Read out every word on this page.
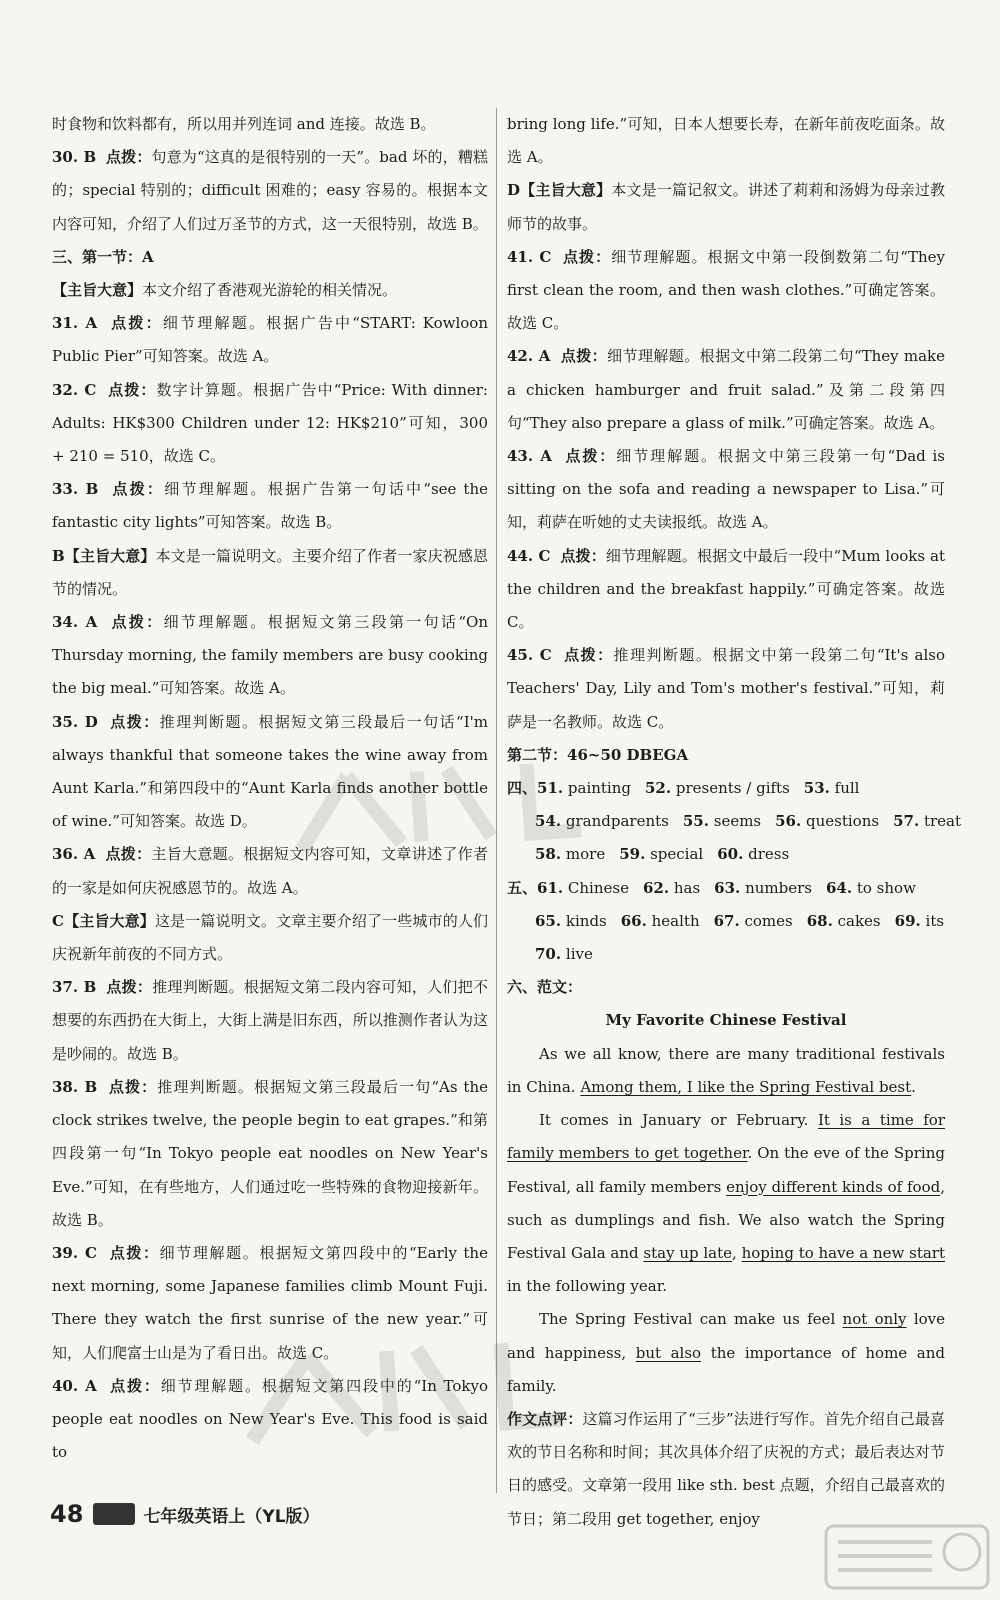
时食物和饮料都有，所以用并列连词 and 连接。故选 B。
30. B 点拨：句意为“这真的是很特别的一天”。bad 坏的，糟糕的；special 特别的；difficult 困难的；easy 容易的。根据本文内容可知，介绍了人们过万圣节的方式，这一天很特别，故选 B。
三、第一节：A
【主旨大意】本文介绍了香港观光游轮的相关情况。
31. A 点拨：细节理解题。根据广告中“START: Kowloon Public Pier”可知答案。故选 A。
32. C 点拨：数字计算题。根据广告中“Price: With dinner: Adults: HK$300 Children under 12: HK$210”可知，300 + 210 = 510，故选 C。
33. B 点拨：细节理解题。根据广告第一句话中“see the fantastic city lights”可知答案。故选 B。
B【主旨大意】本文是一篇说明文。主要介绍了作者一家庆祝感恩节的情况。
34. A 点拨：细节理解题。根据短文第三段第一句话“On Thursday morning, the family members are busy cooking the big meal.”可知答案。故选 A。
35. D 点拨：推理判断题。根据短文第三段最后一句话“I'm always thankful that someone takes the wine away from Aunt Karla.”和第四段中的“Aunt Karla finds another bottle of wine.”可知答案。故选 D。
36. A 点拨：主旨大意题。根据短文内容可知，文章讲述了作者的一家是如何庆祝感恩节的。故选 A。
C【主旨大意】这是一篇说明文。文章主要介绍了一些城市的人们庆祝新年前夜的不同方式。
37. B 点拨：推理判断题。根据短文第二段内容可知，人们把不想要的东西扔在大街上，大街上满是旧东西，所以推测作者认为这是吵闹的。故选 B。
38. B 点拨：推理判断题。根据短文第三段最后一句“As the clock strikes twelve, the people begin to eat grapes.”和第四段第一句“In Tokyo people eat noodles on New Year's Eve.”可知，在有些地方，人们通过吃一些特殊的食物迎接新年。故选 B。
39. C 点拨：细节理解题。根据短文第四段中的“Early the next morning, some Japanese families climb Mount Fuji. There they watch the first sunrise of the new year.”可知，人们爬富士山是为了看日出。故选 C。
40. A 点拨：细节理解题。根据短文第四段中的“In Tokyo people eat noodles on New Year's Eve. This food is said to
bring long life.”可知，日本人想要长寿，在新年前夜吃面条。故选 A。
D【主旨大意】本文是一篇记叙文。讲述了莉莉和汤姆为母亲过教师节的故事。
41. C 点拨：细节理解题。根据文中第一段倒数第二句“They first clean the room, and then wash clothes.”可确定答案。故选 C。
42. A 点拨：细节理解题。根据文中第二段第二句“They make a chicken hamburger and fruit salad.”及第二段第四句“They also prepare a glass of milk.”可确定答案。故选 A。
43. A 点拨：细节理解题。根据文中第三段第一句“Dad is sitting on the sofa and reading a newspaper to Lisa.”可知，莉萨在听她的丈夫读报纸。故选 A。
44. C 点拨：细节理解题。根据文中最后一段中“Mum looks at the children and the breakfast happily.”可确定答案。故选 C。
45. C 点拨：推理判断题。根据文中第一段第二句“It's also Teachers' Day, Lily and Tom's mother's festival.”可知，莉萨是一名教师。故选 C。
第二节：46~50 DBEGA
四、51. painting 52. presents / gifts 53. full
54. grandparents 55. seems 56. questions 57. treat
58. more 59. special 60. dress
五、61. Chinese 62. has 63. numbers 64. to show
65. kinds 66. health 67. comes 68. cakes 69. its
70. live
六、范文：
My Favorite Chinese Festival
As we all know, there are many traditional festivals in China. Among them, I like the Spring Festival best.
It comes in January or February. It is a time for family members to get together. On the eve of the Spring Festival, all family members enjoy different kinds of food, such as dumplings and fish. We also watch the Spring Festival Gala and stay up late, hoping to have a new start in the following year.
The Spring Festival can make us feel not only love and happiness, but also the importance of home and family.
作文点评：这篇习作运用了“三步”法进行写作。首先介绍自己最喜欢的节日名称和时间；其次具体介绍了庆祝的方式；最后表达对节日的感受。文章第一段用 like sth. best 点题，介绍自己最喜欢的节日；第二段用 get together, enjoy
48	七年级英语上（YL版）
